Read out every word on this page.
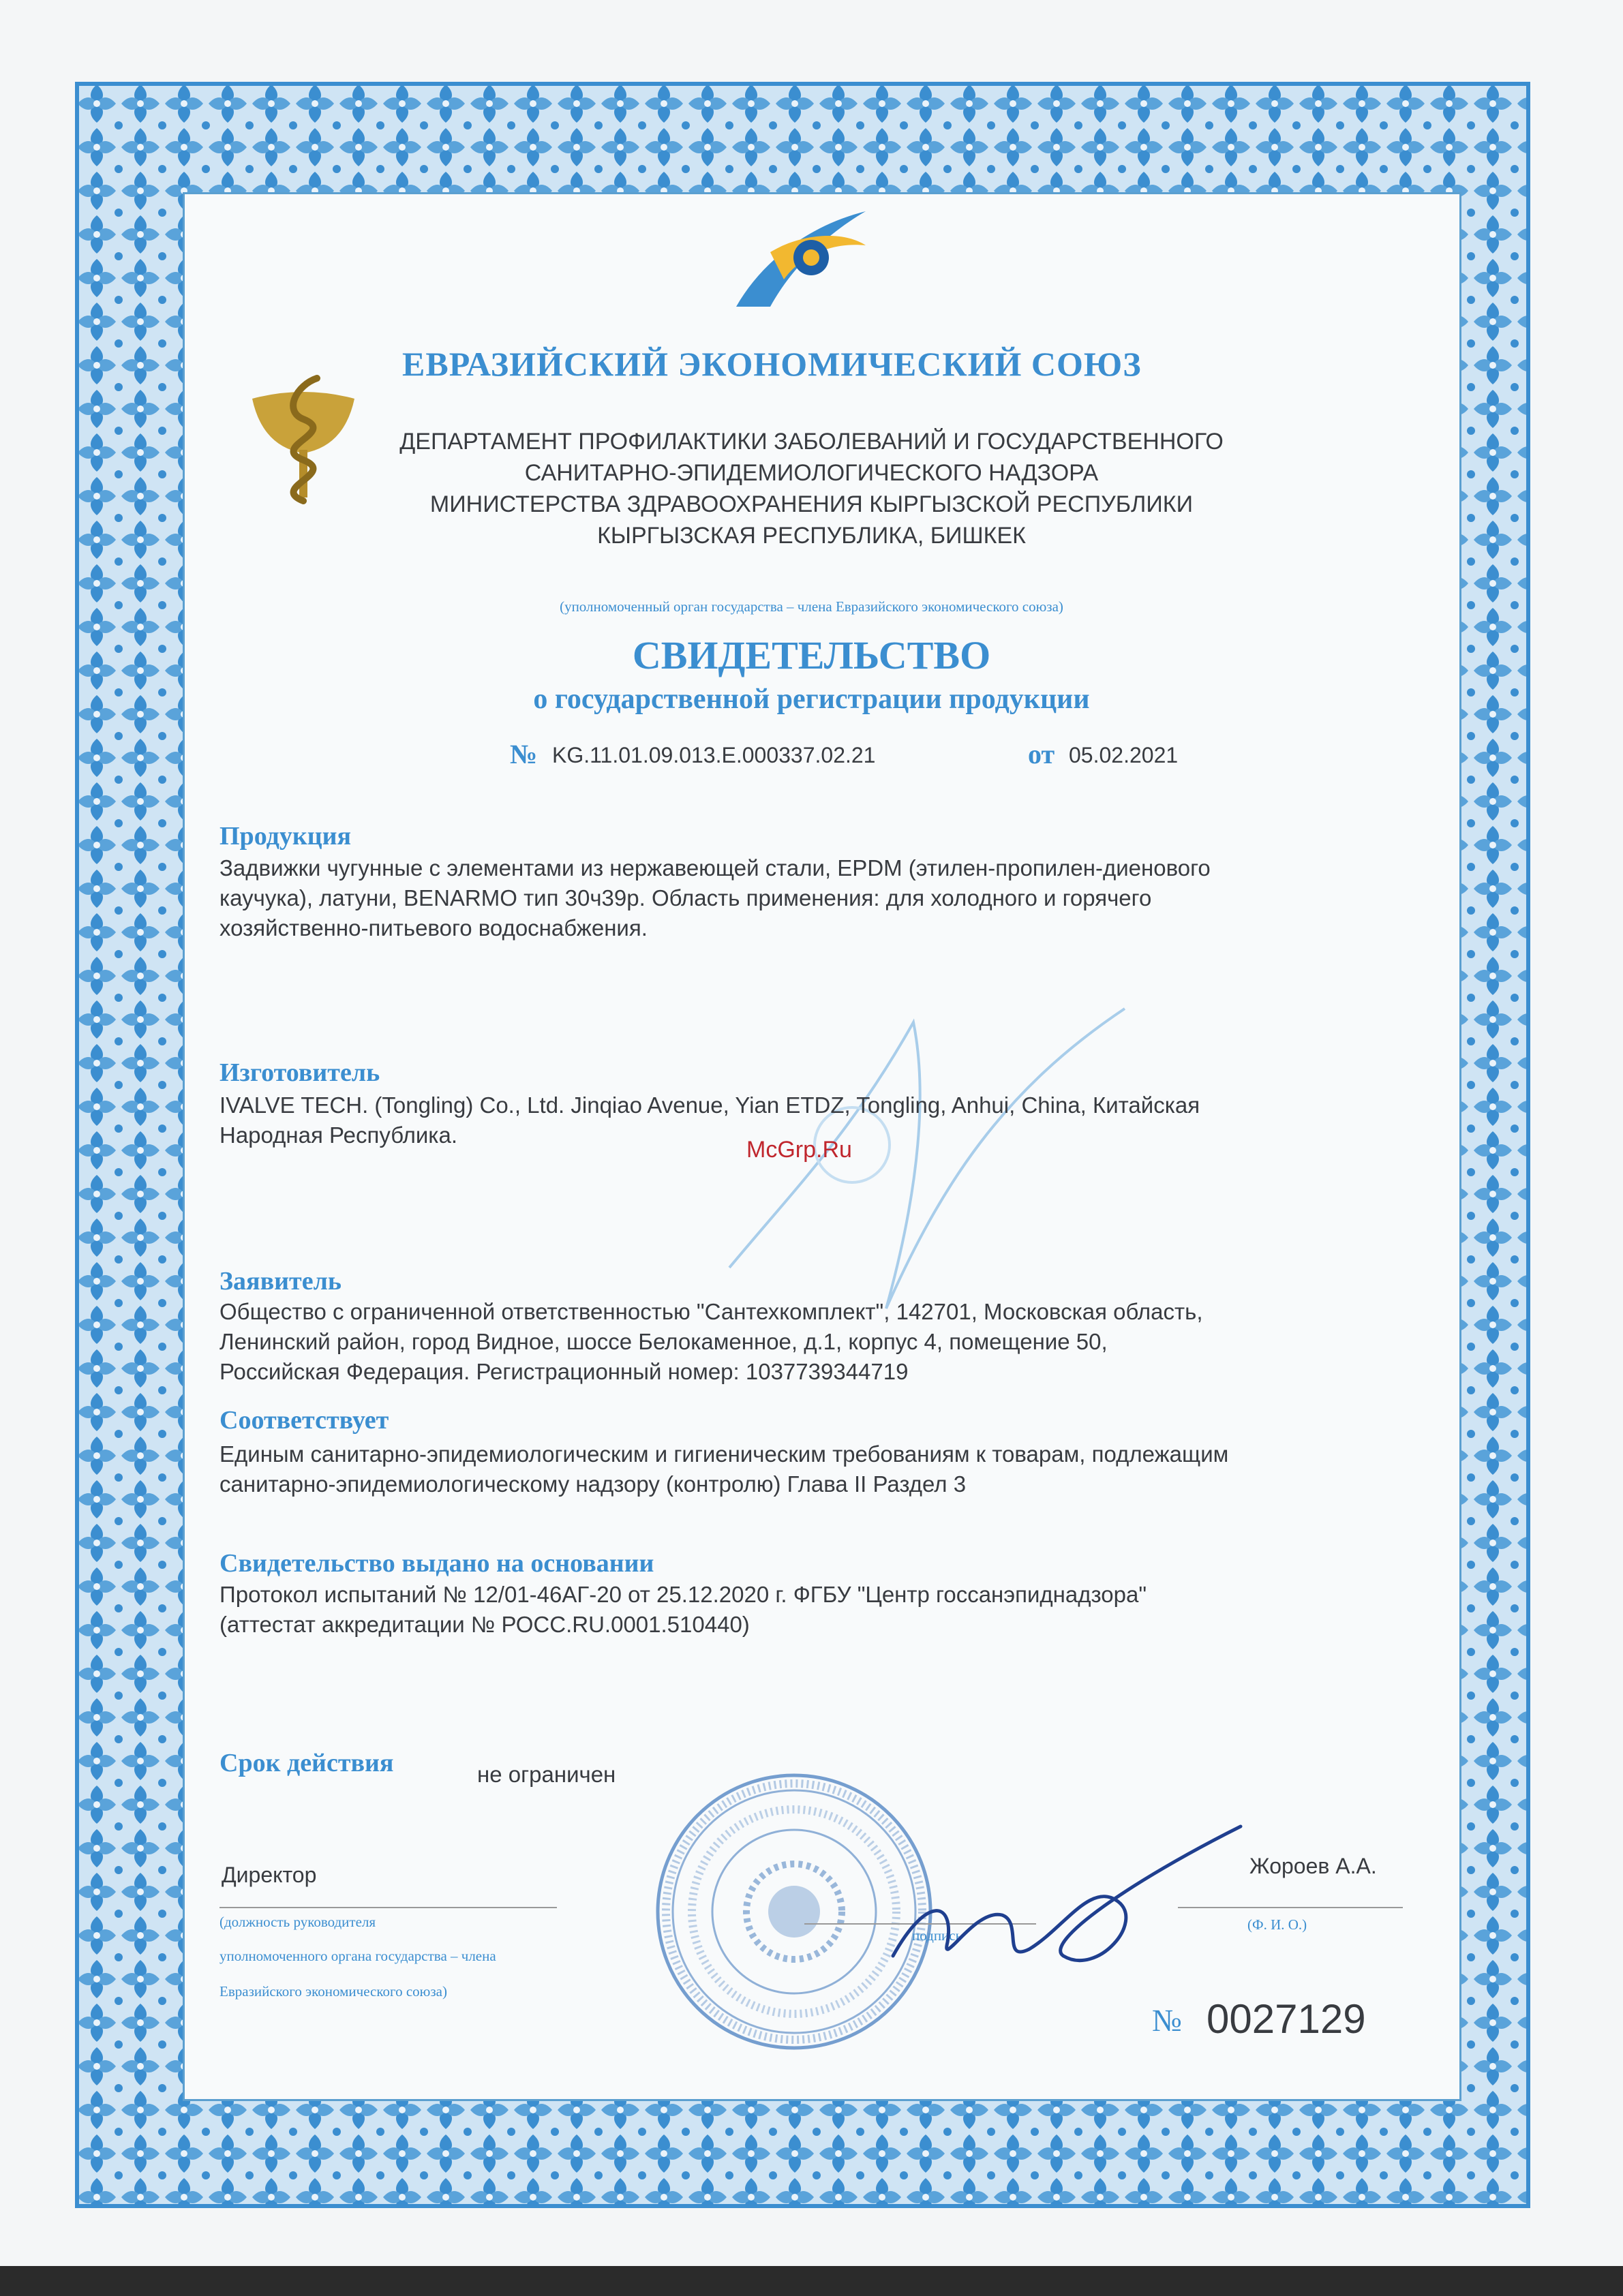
ЕВРАЗИЙСКИЙ ЭКОНОМИЧЕСКИЙ СОЮЗ
ДЕПАРТАМЕНТ ПРОФИЛАКТИКИ ЗАБОЛЕВАНИЙ И ГОСУДАРСТВЕННОГО
САНИТАРНО-ЭПИДЕМИОЛОГИЧЕСКОГО НАДЗОРА
МИНИСТЕРСТВА ЗДРАВООХРАНЕНИЯ КЫРГЫЗСКОЙ РЕСПУБЛИКИ
КЫРГЫЗСКАЯ РЕСПУБЛИКА, БИШКЕК
(уполномоченный орган государства – члена Евразийского экономического союза)
СВИДЕТЕЛЬСТВО
о государственной регистрации продукции
№ KG.11.01.09.013.E.000337.02.21	от 05.02.2021
Продукция
Задвижки чугунные с элементами из нержавеющей стали, EPDM (этилен-пропилен-диенового
каучука), латуни, BENARMO тип 30ч39р. Область применения: для холодного и горячего
хозяйственно-питьевого водоснабжения.
Изготовитель
IVALVE TECH. (Tongling) Co., Ltd. Jinqiao Avenue, Yian ETDZ, Tongling, Anhui, China, Китайская
Народная Республика.
McGrp.Ru
Заявитель
Общество с ограниченной ответственностью "Сантехкомплект", 142701, Московская область,
Ленинский район, город Видное, шоссе Белокаменное, д.1, корпус 4, помещение 50,
Российская Федерация. Регистрационный номер: 1037739344719
Соответствует
Единым санитарно-эпидемиологическим и гигиеническим требованиям к товарам, подлежащим
санитарно-эпидемиологическому надзору (контролю) Глава II Раздел 3
Свидетельство выдано на основании
Протокол испытаний № 12/01-46АГ-20 от 25.12.2020 г. ФГБУ "Центр госсанэпиднадзора"
(аттестат аккредитации № РОСС.RU.0001.510440)
Срок действия	не ограничен
Директор
(должность руководителя
уполномоченного органа государства – члена
Евразийского экономического союза)
подпись
Жороев А.А.
(Ф. И. О.)
№ 0027129
